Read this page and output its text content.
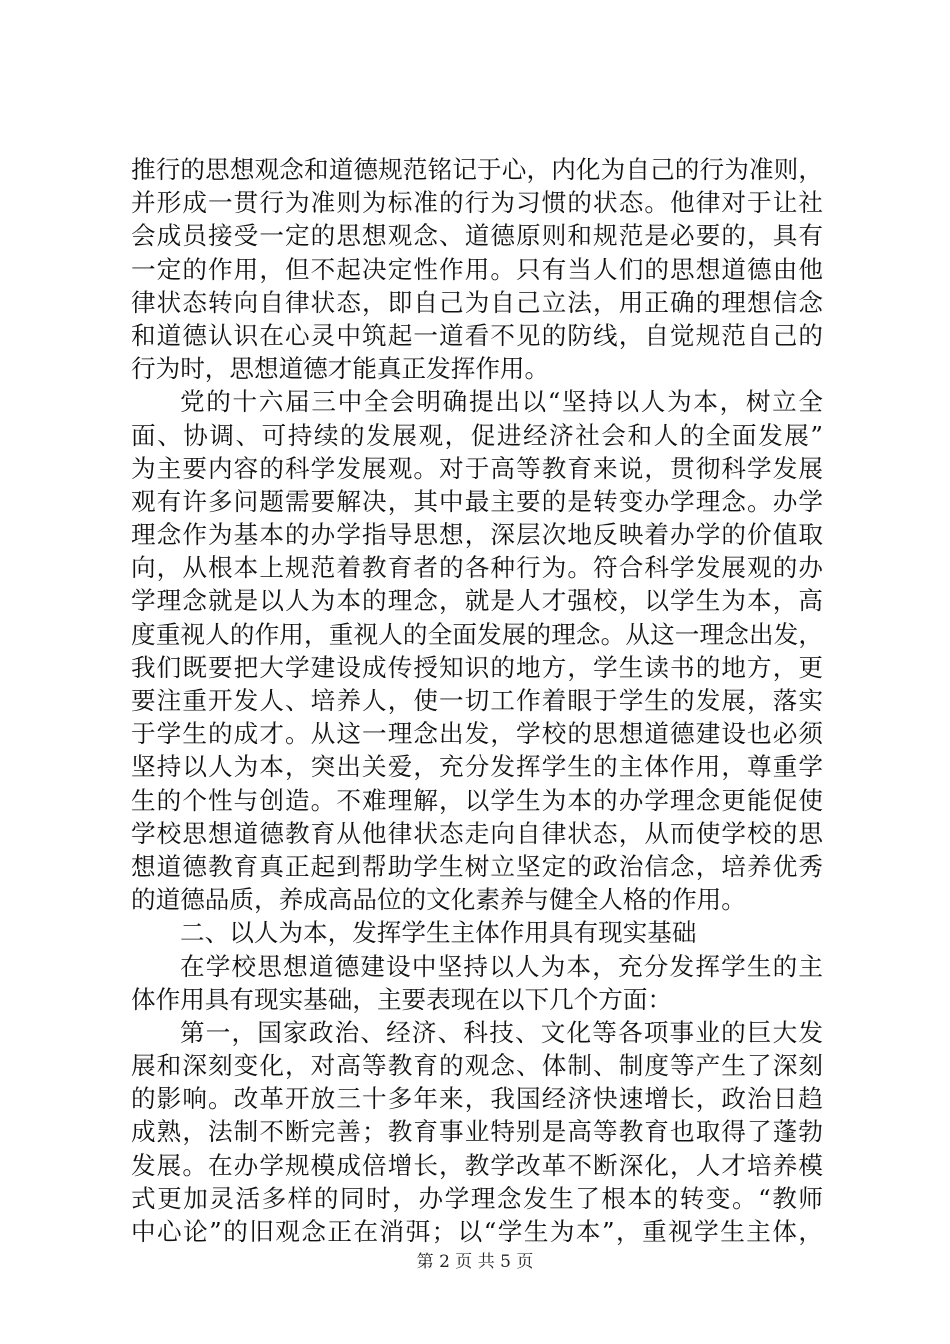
推行的思想观念和道德规范铭记于心，内化为自己的行为准则，
并形成一贯行为准则为标准的行为习惯的状态。他律对于让社
会成员接受一定的思想观念、道德原则和规范是必要的，具有
一定的作用，但不起决定性作用。只有当人们的思想道德由他
律状态转向自律状态，即自己为自己立法，用正确的理想信念
和道德认识在心灵中筑起一道看不见的防线，自觉规范自己的
行为时，思想道德才能真正发挥作用。
党的十六届三中全会明确提出以“坚持以人为本，树立全
面、协调、可持续的发展观，促进经济社会和人的全面发展”
为主要内容的科学发展观。对于高等教育来说，贯彻科学发展
观有许多问题需要解决，其中最主要的是转变办学理念。办学
理念作为基本的办学指导思想，深层次地反映着办学的价值取
向，从根本上规范着教育者的各种行为。符合科学发展观的办
学理念就是以人为本的理念，就是人才强校，以学生为本，高
度重视人的作用，重视人的全面发展的理念。从这一理念出发，
我们既要把大学建设成传授知识的地方，学生读书的地方，更
要注重开发人、培养人，使一切工作着眼于学生的发展，落实
于学生的成才。从这一理念出发，学校的思想道德建设也必须
坚持以人为本，突出关爱，充分发挥学生的主体作用，尊重学
生的个性与创造。不难理解，以学生为本的办学理念更能促使
学校思想道德教育从他律状态走向自律状态，从而使学校的思
想道德教育真正起到帮助学生树立坚定的政治信念，培养优秀
的道德品质，养成高品位的文化素养与健全人格的作用。
二、以人为本，发挥学生主体作用具有现实基础
在学校思想道德建设中坚持以人为本，充分发挥学生的主
体作用具有现实基础，主要表现在以下几个方面：
第一，国家政治、经济、科技、文化等各项事业的巨大发
展和深刻变化，对高等教育的观念、体制、制度等产生了深刻
的影响。改革开放三十多年来，我国经济快速增长，政治日趋
成熟，法制不断完善；教育事业特别是高等教育也取得了蓬勃
发展。在办学规模成倍增长，教学改革不断深化，人才培养模
式更加灵活多样的同时，办学理念发生了根本的转变。“教师
中心论”的旧观念正在消弭；以“学生为本”，重视学生主体，
第 2 页 共 5 页
